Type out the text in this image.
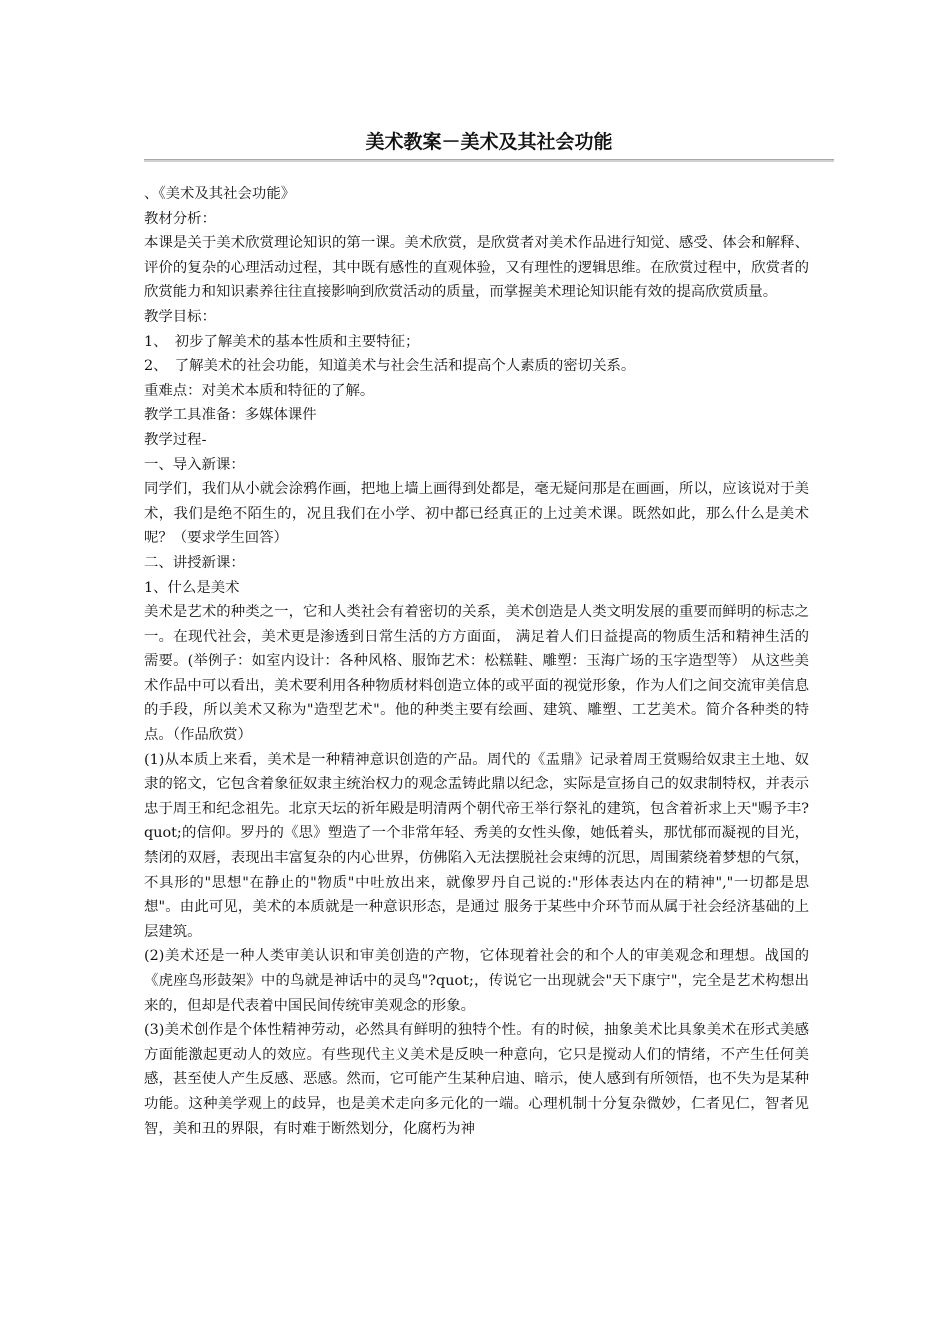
美术教案－美术及其社会功能

、《美术及其社会功能》

教材分析：

本课是关于美术欣赏理论知识的第一课。美术欣赏，是欣赏者对美术作品进行知觉、感受、体会和解释、评价的复杂的心理活动过程，其中既有感性的直观体验，又有理性的逻辑思维。在欣赏过程中，欣赏者的欣赏能力和知识素养往往直接影响到欣赏活动的质量，而掌握美术理论知识能有效的提高欣赏质量。

教学目标：

1、　初步了解美术的基本性质和主要特征；

2、　了解美术的社会功能，知道美术与社会生活和提高个人素质的密切关系。

重难点：对美术本质和特征的了解。

教学工具准备：多媒体课件

教学过程-

一、导入新课：

同学们，我们从小就会涂鸦作画，把地上墙上画得到处都是，毫无疑问那是在画画，所以，应该说对于美术，我们是绝不陌生的，况且我们在小学、初中都已经真正的上过美术课。既然如此，那么什么是美术呢？（要求学生回答）

二、讲授新课：

1、什么是美术

美术是艺术的种类之一，它和人类社会有着密切的关系，美术创造是人类文明发展的重要而鲜明的标志之一。在现代社会，美术更是渗透到日常生活的方方面面， 满足着人们日益提高的物质生活和精神生活的需要。(举例子：如室内设计：各种风格、服饰艺术：松糕鞋、雕塑：玉海广场的玉字造型等） 从这些美术作品中可以看出，美术要利用各种物质材料创造立体的或平面的视觉形象，作为人们之间交流审美信息的手段，所以美术又称为"造型艺术"。他的种类主要有绘画、建筑、雕塑、工艺美术。简介各种类的特点。（作品欣赏）

(1)从本质上来看，美术是一种精神意识创造的产品。周代的《盂鼎》记录着周王赏赐给奴隶主土地、奴隶的铭文，它包含着象征奴隶主统治权力的观念盂铸此鼎以纪念，实际是宣扬自己的奴隶制特权，并表示忠于周王和纪念祖先。北京天坛的祈年殿是明清两个朝代帝王举行祭礼的建筑，包含着祈求上天"赐予丰?quot;的信仰。罗丹的《思》塑造了一个非常年轻、秀美的女性头像，她低着头，那忧郁而凝视的目光，禁闭的双唇，表现出丰富复杂的内心世界，仿佛陷入无法摆脱社会束缚的沉思，周围萦绕着梦想的气氛，不具形的"思想"在静止的"物质"中吐放出来，就像罗丹自己说的:"形体表达内在的精神","一切都是思想"。由此可见，美术的本质就是一种意识形态，是通过 服务于某些中介环节而从属于社会经济基础的上层建筑。

(2)美术还是一种人类审美认识和审美创造的产物，它体现着社会的和个人的审美观念和理想。战国的《虎座鸟形鼓架》中的鸟就是神话中的灵鸟"?quot;，传说它一出现就会"天下康宁"，完全是艺术构想出来的，但却是代表着中国民间传统审美观念的形象。

(3)美术创作是个体性精神劳动，必然具有鲜明的独特个性。有的时候，抽象美术比具象美术在形式美感方面能激起更动人的效应。有些现代主义美术是反映一种意向，它只是搅动人们的情绪，不产生任何美感，甚至使人产生反感、恶感。然而，它可能产生某种启迪、暗示，使人感到有所领悟，也不失为是某种功能。这种美学观上的歧异，也是美术走向多元化的一端。心理机制十分复杂微妙，仁者见仁，智者见智，美和丑的界限，有时难于断然划分，化腐朽为神
